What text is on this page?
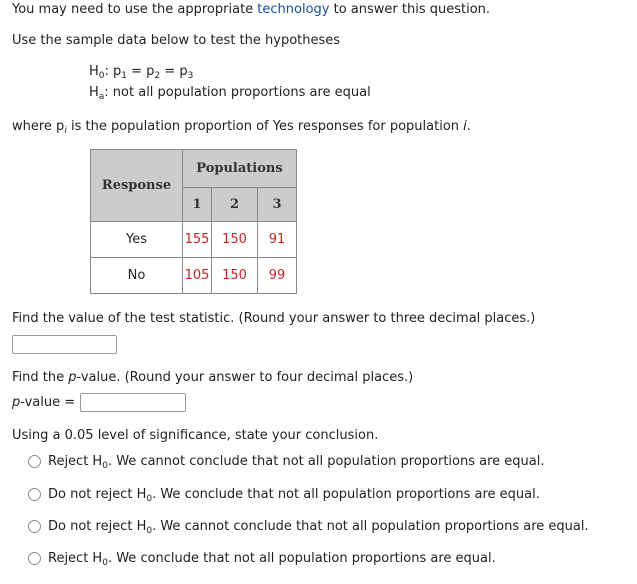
You may need to use the appropriate technology to answer this question.
Use the sample data below to test the hypotheses
$H_0$: $p_1 = p_2 = p_3$
$H_a$: not all population proportions are equal
where $p_i$ is the population proportion of Yes responses for population i.
Response	Populations		
	1	2	3
Yes	155	150	91
No	105	150	99
Find the value of the test statistic. (Round your answer to three decimal places.)
Find the p-value. (Round your answer to four decimal places.)
p-value =
Using a 0.05 level of significance, state your conclusion.
Reject $H_0$. We cannot conclude that not all population proportions are equal.
Do not reject $H_0$. We conclude that not all population proportions are equal.
Do not reject $H_0$. We cannot conclude that not all population proportions are equal.
Reject $H_0$. We conclude that not all population proportions are equal.
